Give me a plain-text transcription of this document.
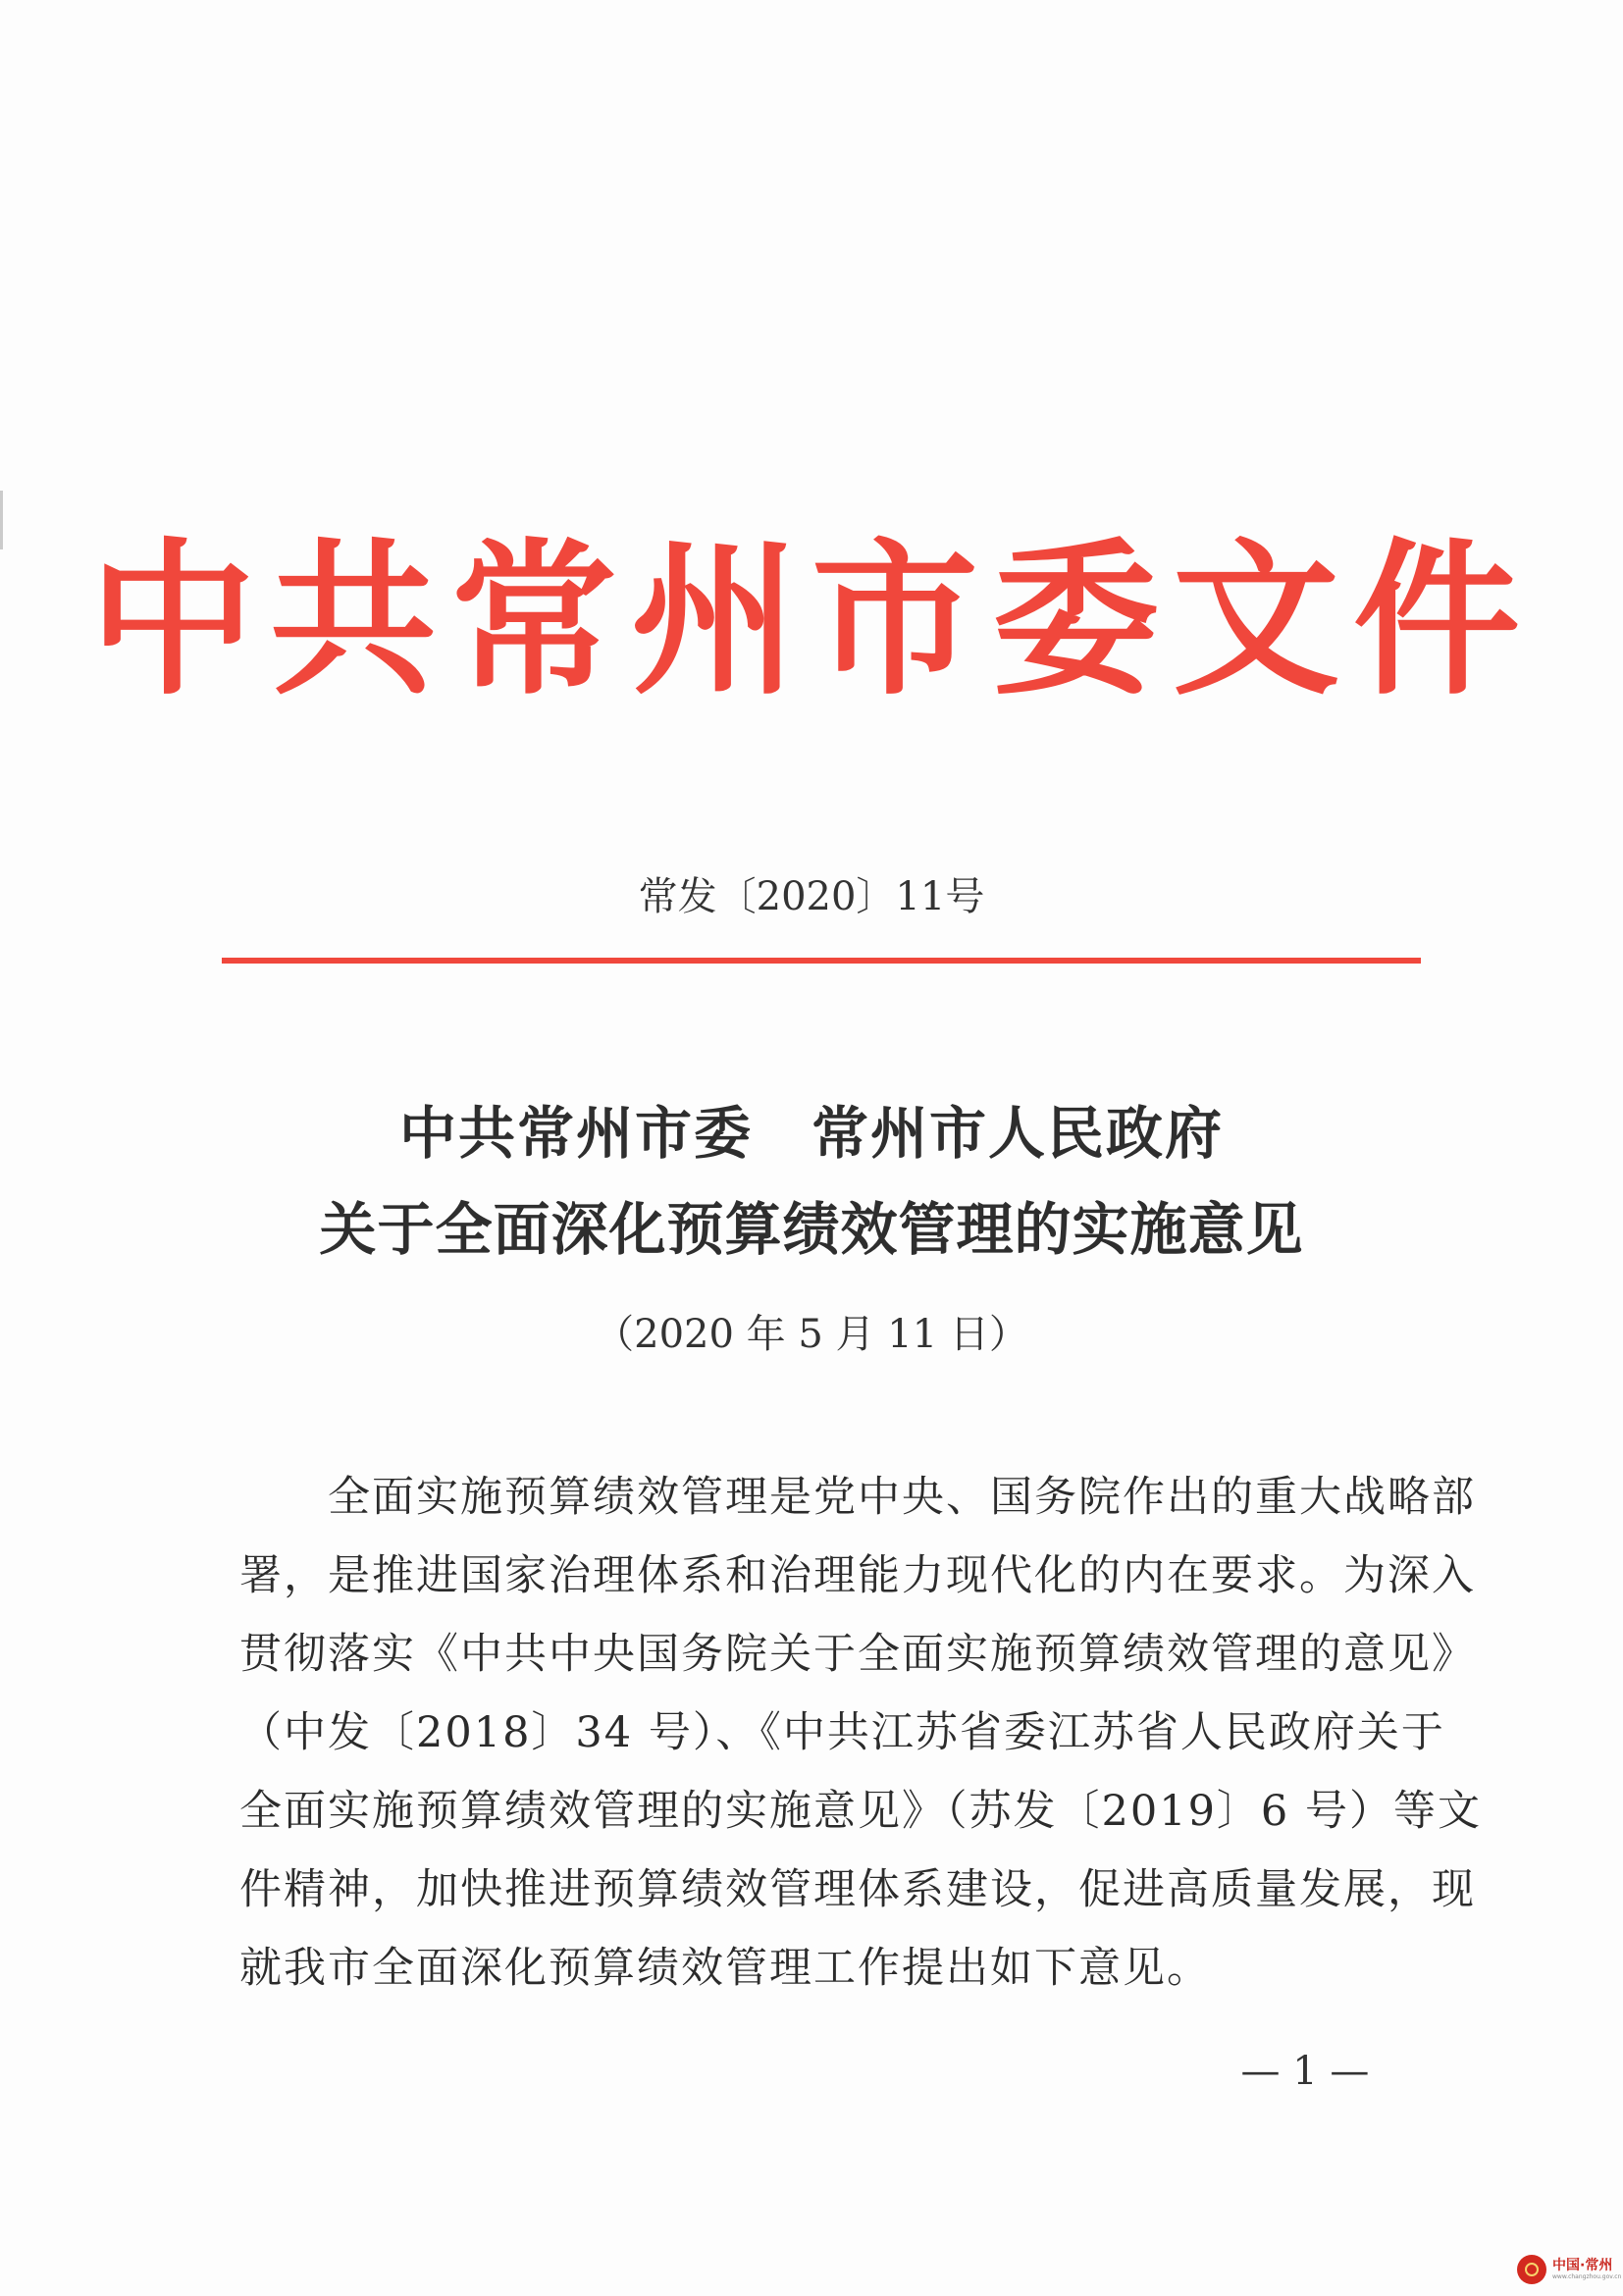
中共常州市委文件
常发〔2020〕11号
中共常州市委　常州市人民政府
关于全面深化预算绩效管理的实施意见
（2020 年 5 月 11 日）
　　全面实施预算绩效管理是党中央、国务院作出的重大战略部
署，是推进国家治理体系和治理能力现代化的内在要求。为深入
贯彻落实《中共中央国务院关于全面实施预算绩效管理的意见》
（中发〔2018〕34 号）、《中共江苏省委江苏省人民政府关于
全面实施预算绩效管理的实施意见》（苏发〔2019〕6 号）等文
件精神，加快推进预算绩效管理体系建设，促进高质量发展，现
就我市全面深化预算绩效管理工作提出如下意见。
— 1 —
中国·常州
www.changzhou.gov.cn
